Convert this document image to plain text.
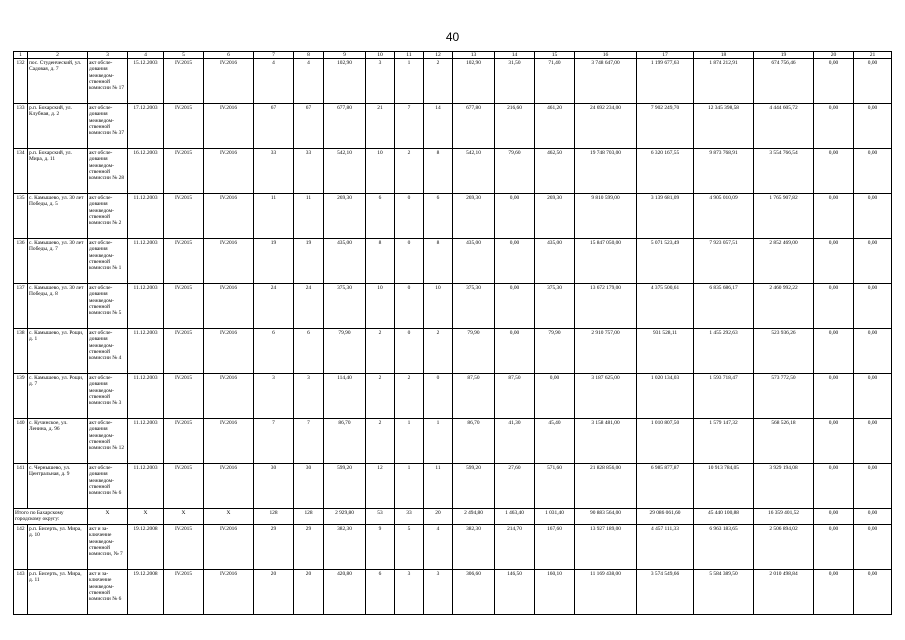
40
1	2	3	4	5	6	7	8	9	10	11	12	13	14	15	16	17	18	19	20	21
132	пос. Студенческий, ул. Садовая, д. 7	акт обсле-дования межведом-ственной комиссии № 17	15.12.2003	IV.2015	IV.2016	4	4	102,90	3	1	2	102,90	31,50	71,40	3 748 647,00	1 199 677,63	1 874 212,91	674 756,46	0,00	0,00
133	р.п. Бохарский, ул. Клубная, д. 2	акт обсле-дования межведом-ственной комиссии № 37	17.12.2003	IV.2015	IV.2016	67	67	677,80	21	7	14	677,80	216,60	461,20	24 692 234,00	7 902 249,70	12 345 398,58	4 444 605,72	0,00	0,00
134	р.п. Бохарский, ул. Мира, д. 11	акт обсле-дования межведом-ственной комиссии № 28	16.12.2003	IV.2015	IV.2016	33	33	542,10	10	2	8	542,10	79,60	462,50	19 748 703,00	6 320 167,55	9 873 768,91	3 554 766,54	0,00	0,00
135	с. Камышево, ул. 30 лет Победы, д. 5	акт обсле-дования межведом-ственной комиссии № 2	11.12.2003	IV.2015	IV.2016	11	11	269,30	6	0	6	269,30	0,00	269,30	9 810 599,00	3 139 681,09	4 905 010,09	1 765 907,82	0,00	0,00
136	с. Камышево, ул. 30 лет Победы, д. 7	акт обсле-дования межведом-ственной комиссии № 1	11.12.2003	IV.2015	IV.2016	19	19	435,00	8	0	8	435,00	0,00	435,00	15 847 050,00	5 071 523,49	7 923 057,51	2 852 469,00	0,00	0,00
137	с. Камышево, ул. 30 лет Победы, д. 8	акт обсле-дования межведом-ственной комиссии № 5	11.12.2003	IV.2015	IV.2016	24	24	375,30	10	0	10	375,30	0,00	375,30	13 672 179,00	4 375 500,61	6 835 686,17	2 460 992,22	0,00	0,00
138	с. Камышево, ул. Рощи, д. 1	акт обсле-дования межведом-ственной комиссии № 4	11.12.2003	IV.2015	IV.2016	6	6	79,90	2	0	2	79,90	0,00	79,90	2 910 757,00	931 528,11	1 455 292,63	523 936,26	0,00	0,00
139	с. Камышево, ул. Рощи, д. 7	акт обсле-дования межведом-ственной комиссии № 3	11.12.2003	IV.2015	IV.2016	3	3	114,40	2	2	0	87,50	87,50	0,00	3 187 625,00	1 020 134,03	1 593 718,47	573 772,50	0,00	0,00
140	с. Кучинское, ул. Ленина, д. 96	акт обсле-дования межведом-ственной комиссии № 12	11.12.2003	IV.2015	IV.2016	7	7	86,70	2	1	1	86,70	41,30	45,40	3 158 481,00	1 010 807,50	1 579 147,32	568 526,18	0,00	0,00
141	с. Чернышево, ул. Центральная, д. 9	акт обсле-дования межведом-ственной комиссии № 6	11.12.2003	IV.2015	IV.2016	30	30	599,20	12	1	11	599,20	27,60	571,60	21 828 856,00	6 985 877,87	10 913 784,05	3 929 194,08	0,00	0,00
Итого по Бахарскому городскому округу:		X	X	X	X	128	128	2 929,80	53	33	20	2 494,80	1 463,40	1 031,40	90 883 564,00	29 086 061,60	45 440 100,88	16 359 401,52	0,00	0,00
142	р.п. Бисерть, ул. Мира, д. 10	акт и за-ключение межведом-ственной комиссии, № 7	19.12.2008	IV.2015	IV.2016	29	29	382,30	9	5	4	382,30	214,70	167,60	13 927 189,00	4 457 111,33	6 963 183,65	2 506 894,02	0,00	0,00
143	р.п. Бисерть, ул. Мира, д. 11	акт и за-ключение межведом-ственной комиссии № 6	19.12.2008	IV.2015	IV.2016	20	20	420,80	6	3	3	306,60	146,50	160,10	11 169 438,00	3 574 549,66	5 584 389,50	2 010 498,84	0,00	0,00
